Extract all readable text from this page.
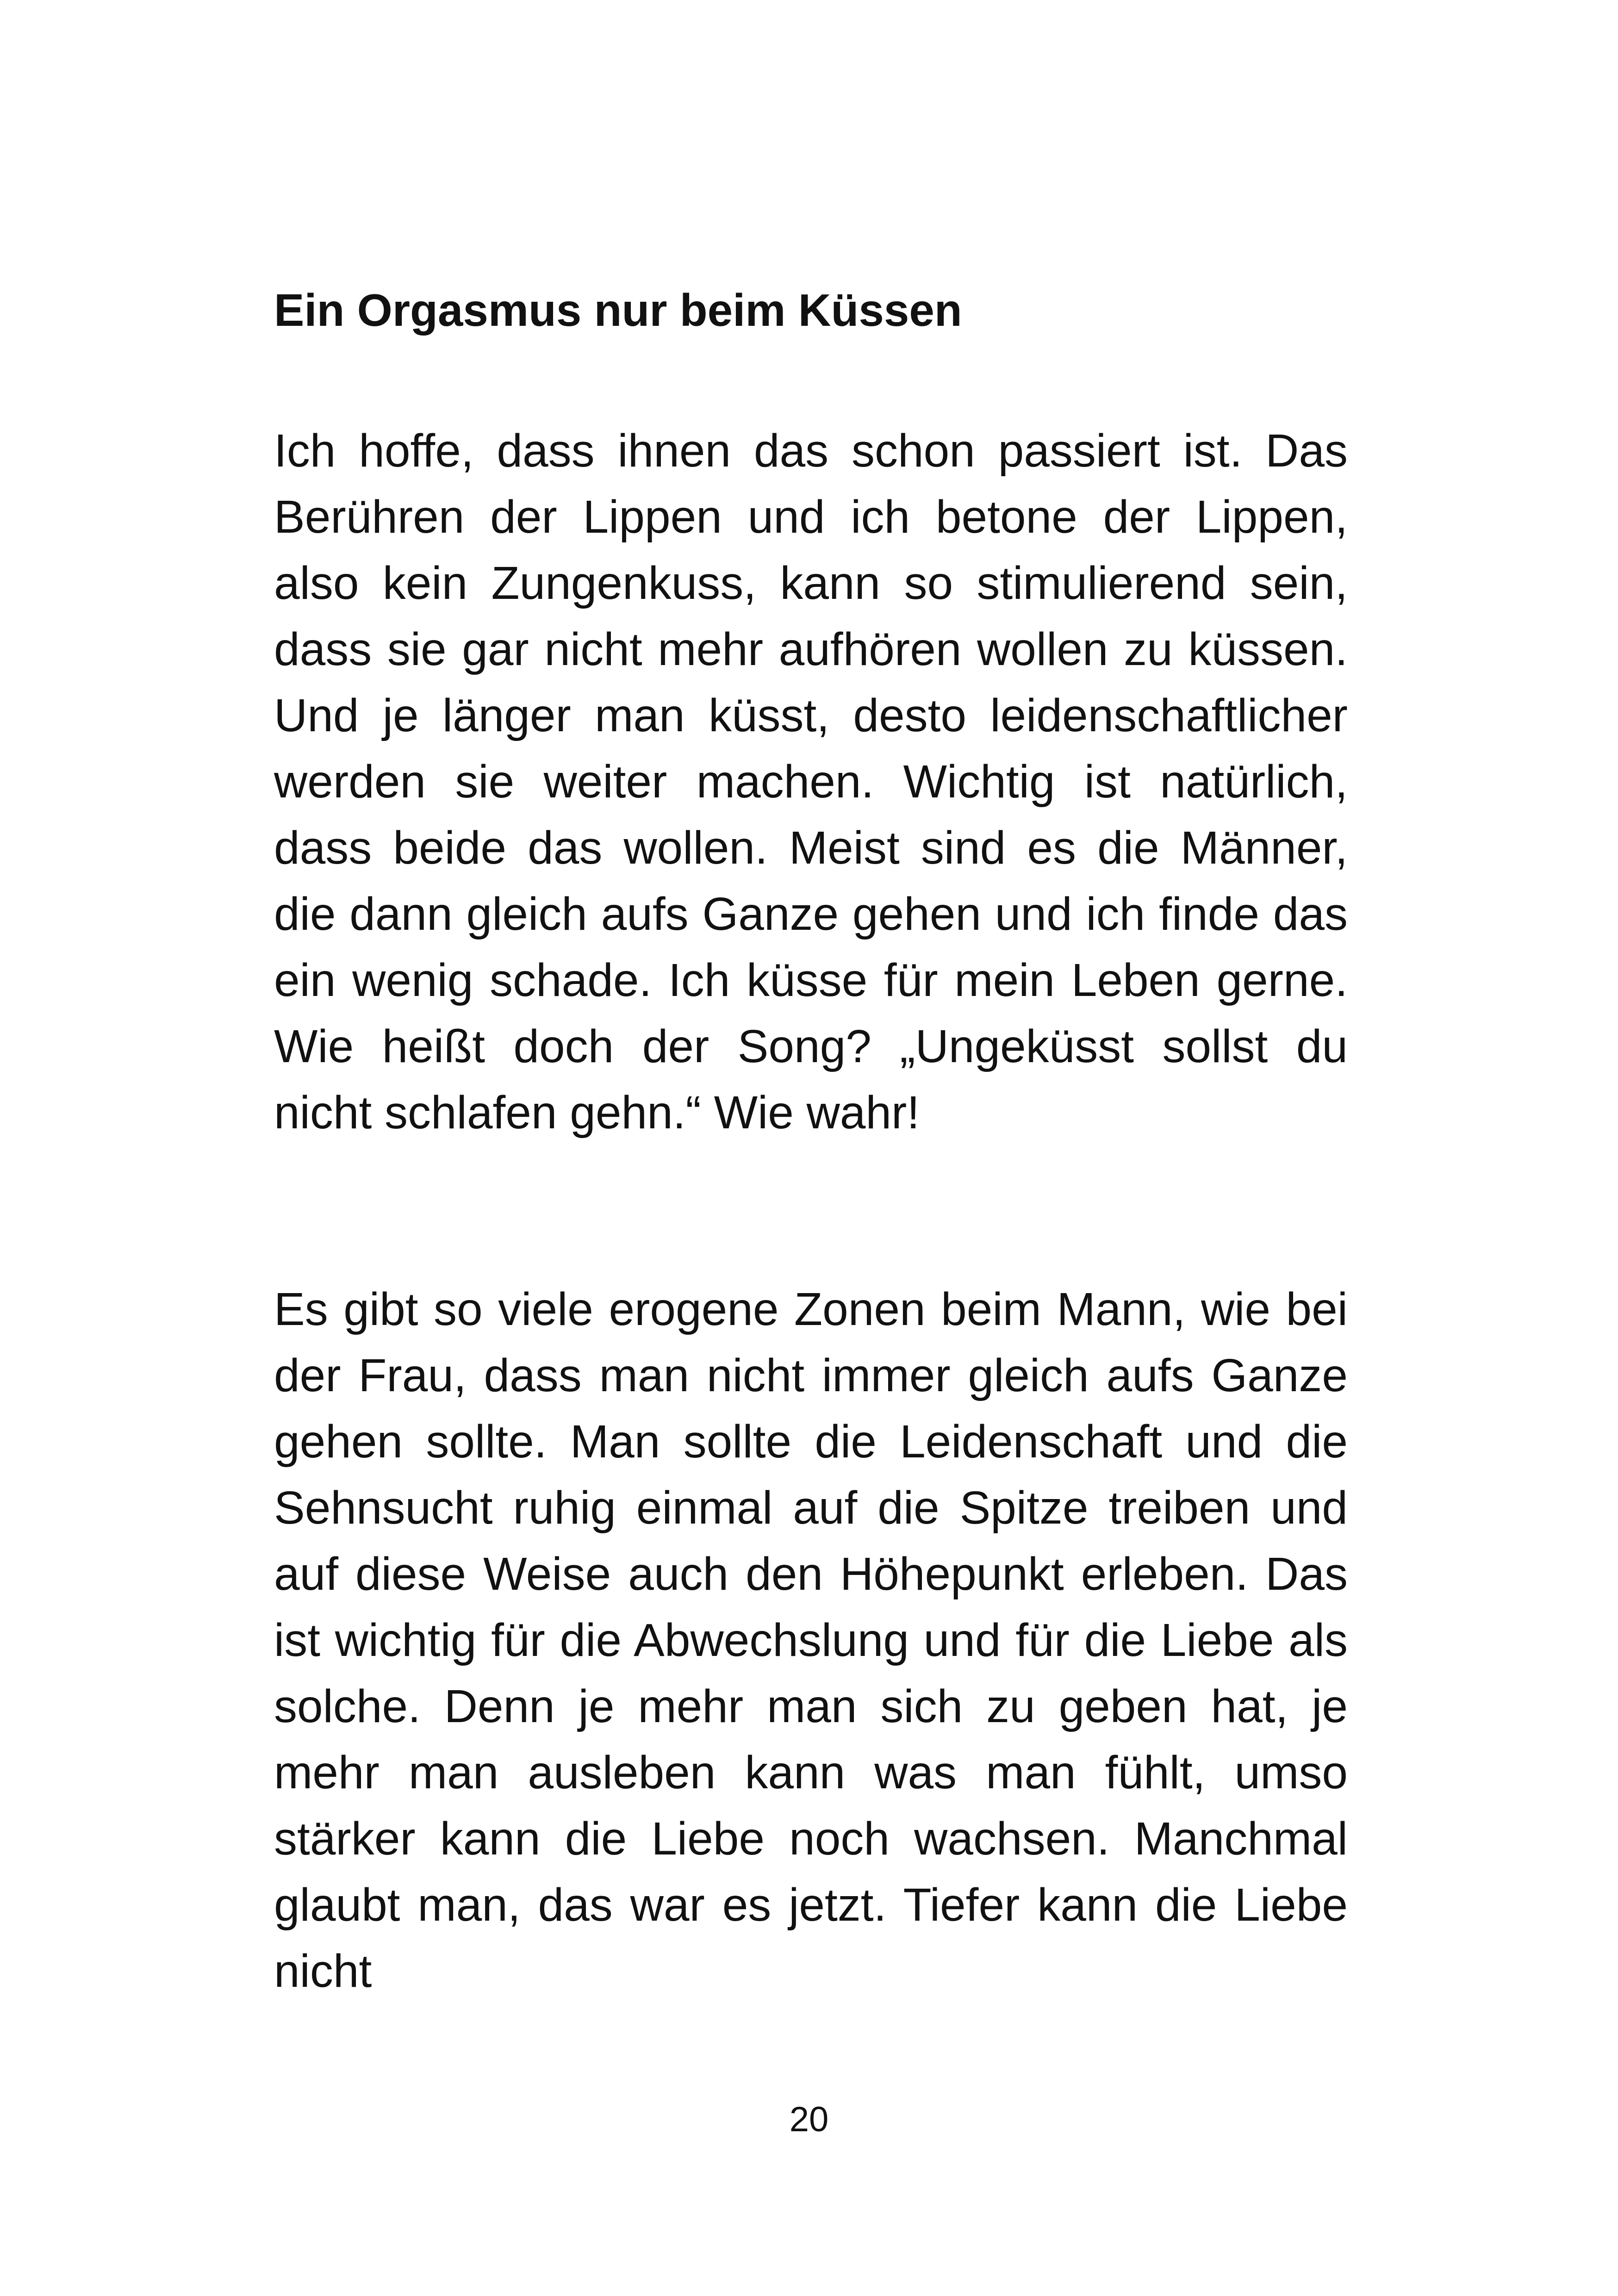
Ein Orgasmus nur beim Küssen

Ich hoffe, dass ihnen das schon passiert ist. Das Berühren der Lippen und ich betone der Lippen, also kein Zungenkuss, kann so stimulierend sein, dass sie gar nicht mehr aufhören wollen zu küssen. Und je länger man küsst, desto leidenschaftlicher werden sie weiter machen. Wichtig ist natürlich, dass beide das wollen. Meist sind es die Männer, die dann gleich aufs Ganze gehen und ich finde das ein wenig schade. Ich küsse für mein Leben gerne. Wie heißt doch der Song? „Ungeküsst sollst du nicht schlafen gehn.“ Wie wahr!

Es gibt so viele erogene Zonen beim Mann, wie bei der Frau, dass man nicht immer gleich aufs Ganze gehen sollte. Man sollte die Leidenschaft und die Sehnsucht ruhig einmal auf die Spitze treiben und auf diese Weise auch den Höhepunkt erleben. Das ist wichtig für die Abwechslung und für die Liebe als solche. Denn je mehr man sich zu geben hat, je mehr man ausleben kann was man fühlt, umso stärker kann die Liebe noch wachsen. Manchmal glaubt man, das war es jetzt. Tiefer kann die Liebe nicht

20
